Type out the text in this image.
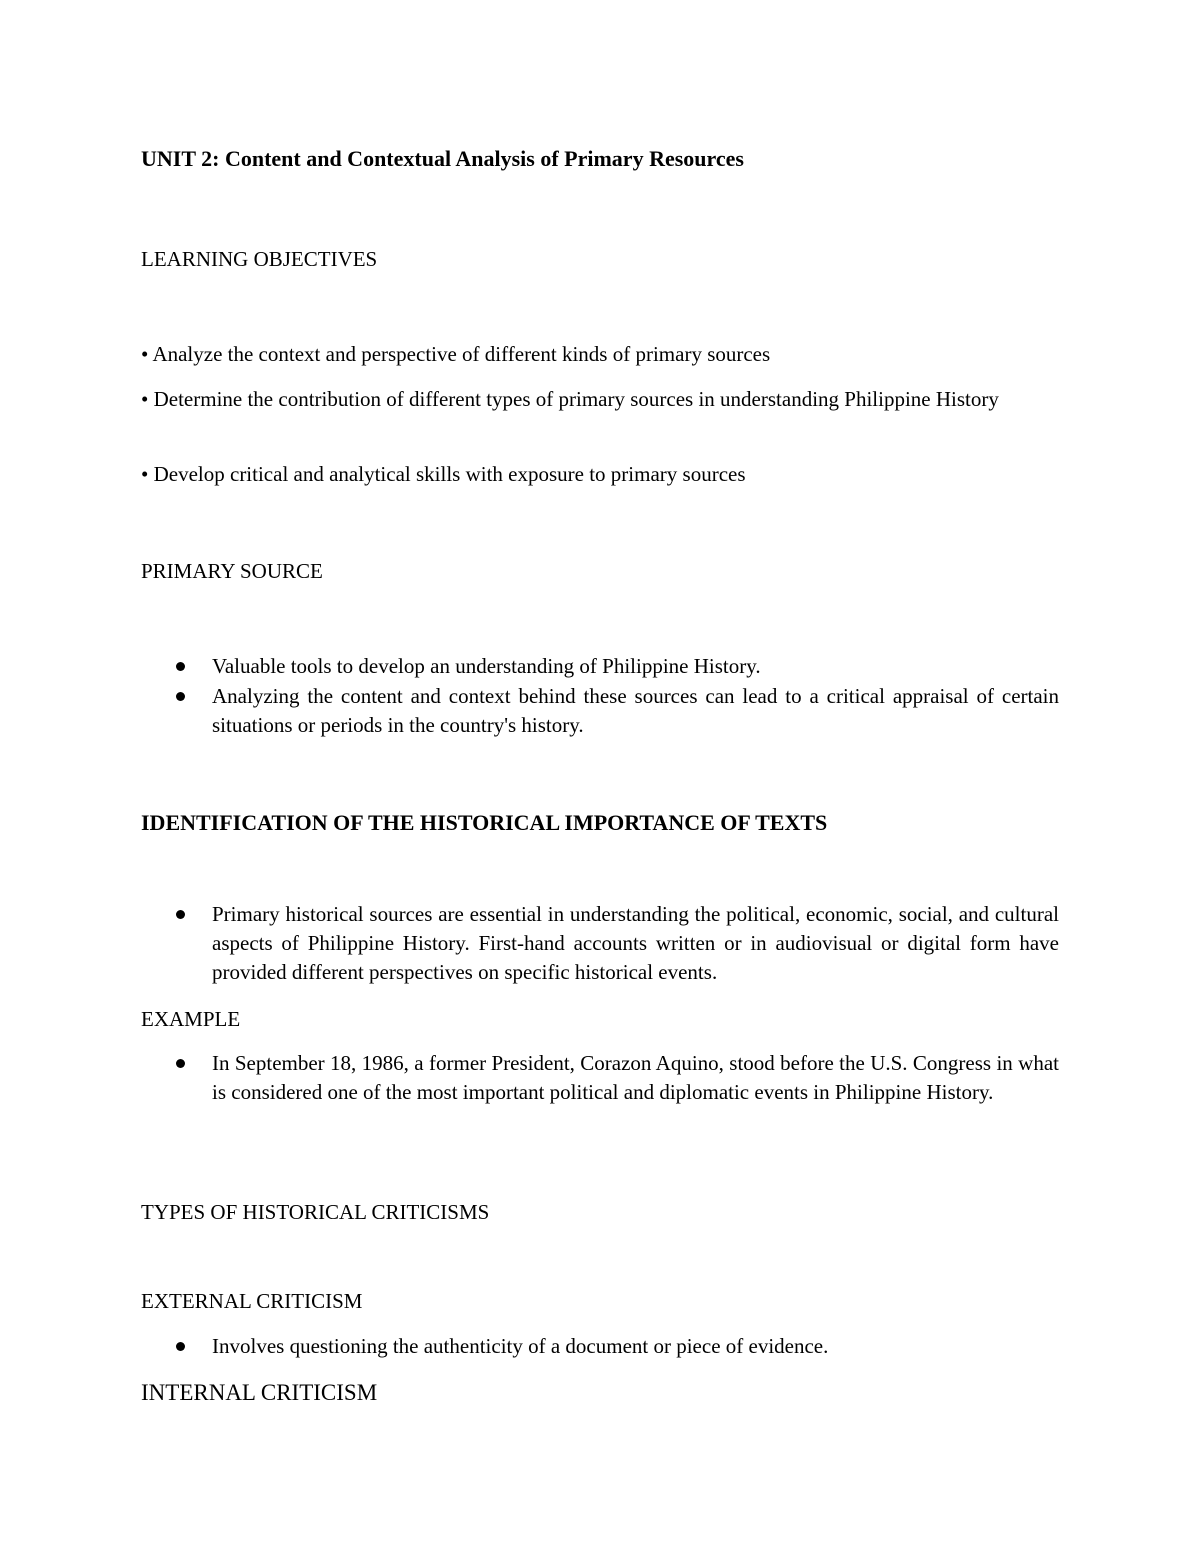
UNIT 2: Content and Contextual Analysis of Primary Resources

LEARNING OBJECTIVES

• Analyze the context and perspective of different kinds of primary sources

• Determine the contribution of different types of primary sources in understanding Philippine History

• Develop critical and analytical skills with exposure to primary sources

PRIMARY SOURCE

Valuable tools to develop an understanding of Philippine History.

Analyzing the content and context behind these sources can lead to a critical appraisal of certain situations or periods in the country's history.

IDENTIFICATION OF THE HISTORICAL IMPORTANCE OF TEXTS

Primary historical sources are essential in understanding the political, economic, social, and cultural aspects of Philippine History. First-hand accounts written or in audiovisual or digital form have provided different perspectives on specific historical events.

EXAMPLE

In September 18, 1986, a former President, Corazon Aquino, stood before the U.S. Congress in what is considered one of the most important political and diplomatic events in Philippine History.

TYPES OF HISTORICAL CRITICISMS

EXTERNAL CRITICISM

Involves questioning the authenticity of a document or piece of evidence.

INTERNAL CRITICISM
